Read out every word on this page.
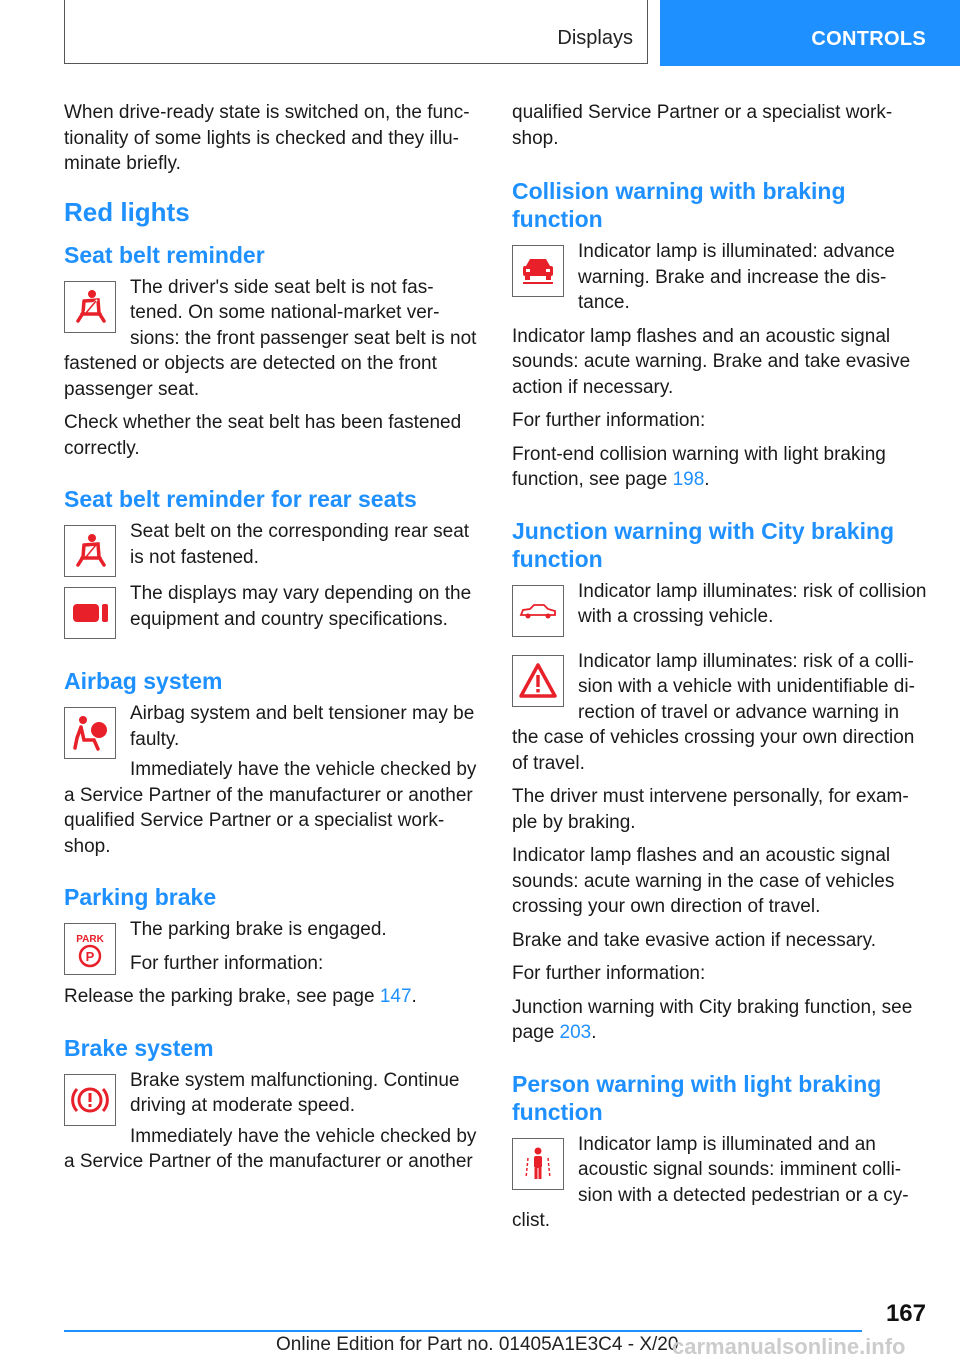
Displays	CONTROLS

When drive-ready state is switched on, the func-tionality of some lights is checked and they illu-minate briefly.

Red lights
Seat belt reminder

The driver's side seat belt is not fas-tened. On some national-market ver-sions: the front passenger seat belt is not fastened or objects are detected on the front passenger seat.

Check whether the seat belt has been fastened correctly.

Seat belt reminder for rear seats

Seat belt on the corresponding rear seat is not fastened.

The displays may vary depending on the equipment and country specifications.

Airbag system

Airbag system and belt tensioner may be faulty.

Immediately have the vehicle checked by a Service Partner of the manufacturer or another qualified Service Partner or a specialist work-shop.

Parking brake
PARK
P

The parking brake is engaged.

For further information:

Release the parking brake, see page 147.

Brake system

Brake system malfunctioning. Continue driving at moderate speed.

Immediately have the vehicle checked by a Service Partner of the manufacturer or another

qualified Service Partner or a specialist work-shop.

Collision warning with braking function

Indicator lamp is illuminated: advance warning. Brake and increase the dis-tance.

Indicator lamp flashes and an acoustic signal sounds: acute warning. Brake and take evasive action if necessary.

For further information:

Front‑end collision warning with light braking function, see page 198.

Junction warning with City braking function

Indicator lamp illuminates: risk of collision with a crossing vehicle.

Indicator lamp illuminates: risk of a colli-sion with a vehicle with unidentifiable di-rection of travel or advance warning in the case of vehicles crossing your own direction of travel.

The driver must intervene personally, for exam-ple by braking.

Indicator lamp flashes and an acoustic signal sounds: acute warning in the case of vehicles crossing your own direction of travel.

Brake and take evasive action if necessary.

For further information:

Junction warning with City braking function, see page 203.

Person warning with light braking function

Indicator lamp is illuminated and an acoustic signal sounds: imminent colli-sion with a detected pedestrian or a cy-clist.

167
Online Edition for Part no. 01405A1E3C4 - X/20
carmanualsonline.info
